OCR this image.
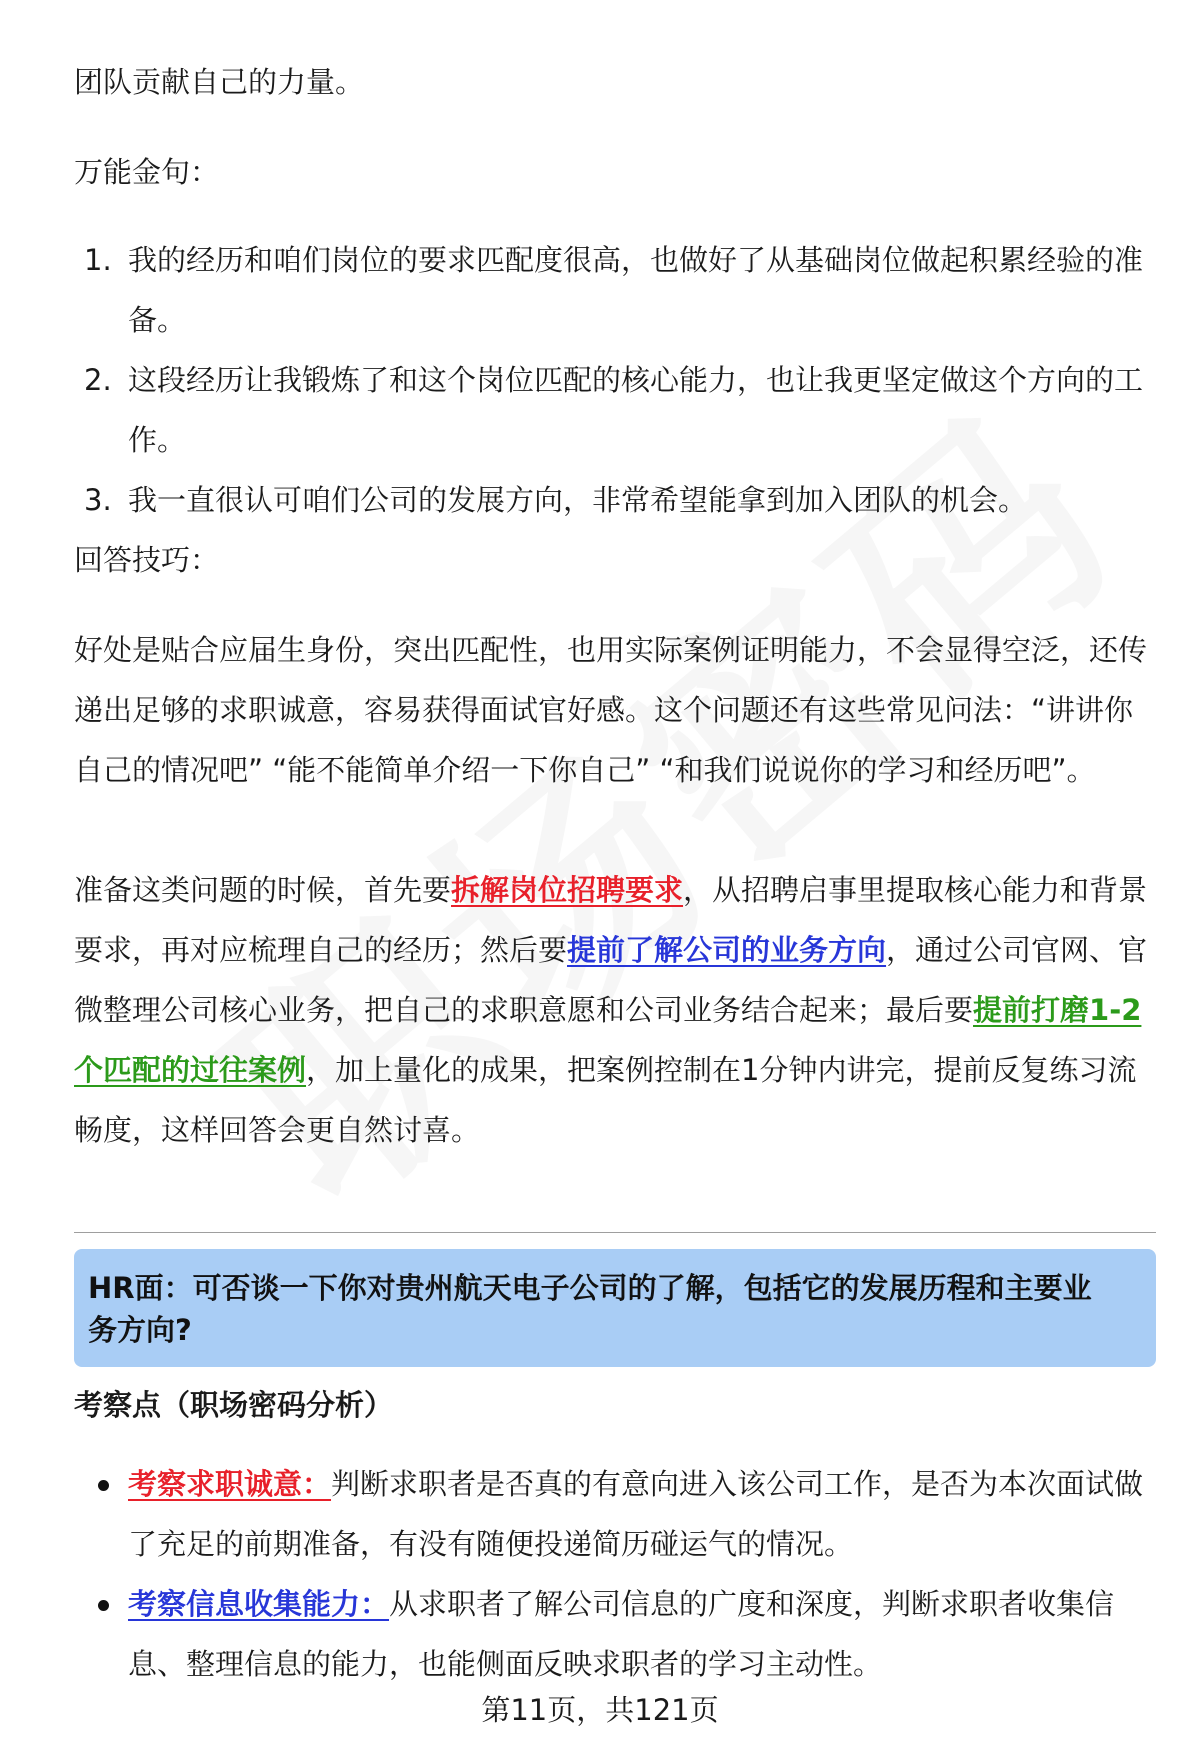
团队贡献自己的力量。
万能金句：
1. 我的经历和咱们岗位的要求匹配度很高，也做好了从基础岗位做起积累经验的准备。
2. 这段经历让我锻炼了和这个岗位匹配的核心能力，也让我更坚定做这个方向的工作。
3. 我一直很认可咱们公司的发展方向，非常希望能拿到加入团队的机会。
回答技巧：
好处是贴合应届生身份，突出匹配性，也用实际案例证明能力，不会显得空泛，还传递出足够的求职诚意，容易获得面试官好感。这个问题还有这些常见问法：“讲讲你自己的情况吧” “能不能简单介绍一下你自己” “和我们说说你的学习和经历吧”。
准备这类问题的时候，首先要拆解岗位招聘要求，从招聘启事里提取核心能力和背景要求，再对应梳理自己的经历；然后要提前了解公司的业务方向，通过公司官网、官微整理公司核心业务，把自己的求职意愿和公司业务结合起来；最后要提前打磨1-2个匹配的过往案例，加上量化的成果，把案例控制在1分钟内讲完，提前反复练习流畅度，这样回答会更自然讨喜。
HR面：可否谈一下你对贵州航天电子公司的了解，包括它的发展历程和主要业务方向?
考察点（职场密码分析）
考察求职诚意：判断求职者是否真的有意向进入该公司工作，是否为本次面试做了充足的前期准备，有没有随便投递简历碰运气的情况。
考察信息收集能力：从求职者了解公司信息的广度和深度，判断求职者收集信息、整理信息的能力，也能侧面反映求职者的学习主动性。
第11页，共121页
